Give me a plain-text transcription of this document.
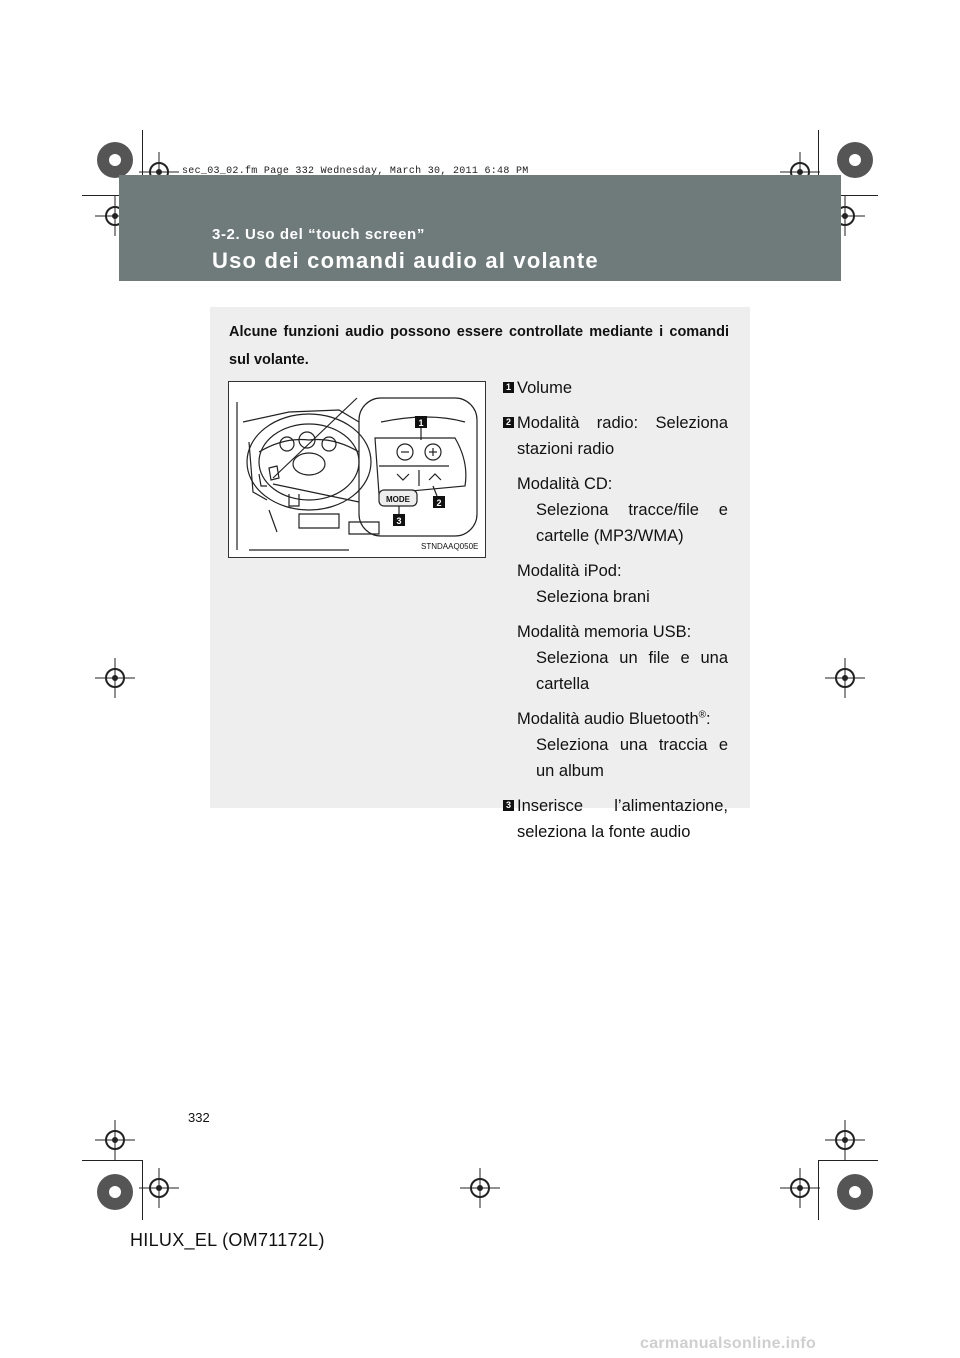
sec_03_02.fm Page 332 Wednesday, March 30, 2011 6:48 PM
3-2. Uso del “touch screen”
Uso dei comandi audio al volante
Alcune funzioni audio possono essere controllate mediante i comandi sul volante.
MODE
1
2
3
STNDAAQ050E
1 Volume
2 Modalità radio: Seleziona stazioni radio
Modalità CD:
Seleziona tracce/file e cartelle (MP3/WMA)
Modalità iPod:
Seleziona brani
Modalità memoria USB:
Seleziona un file e una cartella
Modalità audio Bluetooth®:
Seleziona una traccia e un album
3 Inserisce l’alimentazione, seleziona la fonte audio
332
HILUX_EL (OM71172L)
carmanualsonline.info
